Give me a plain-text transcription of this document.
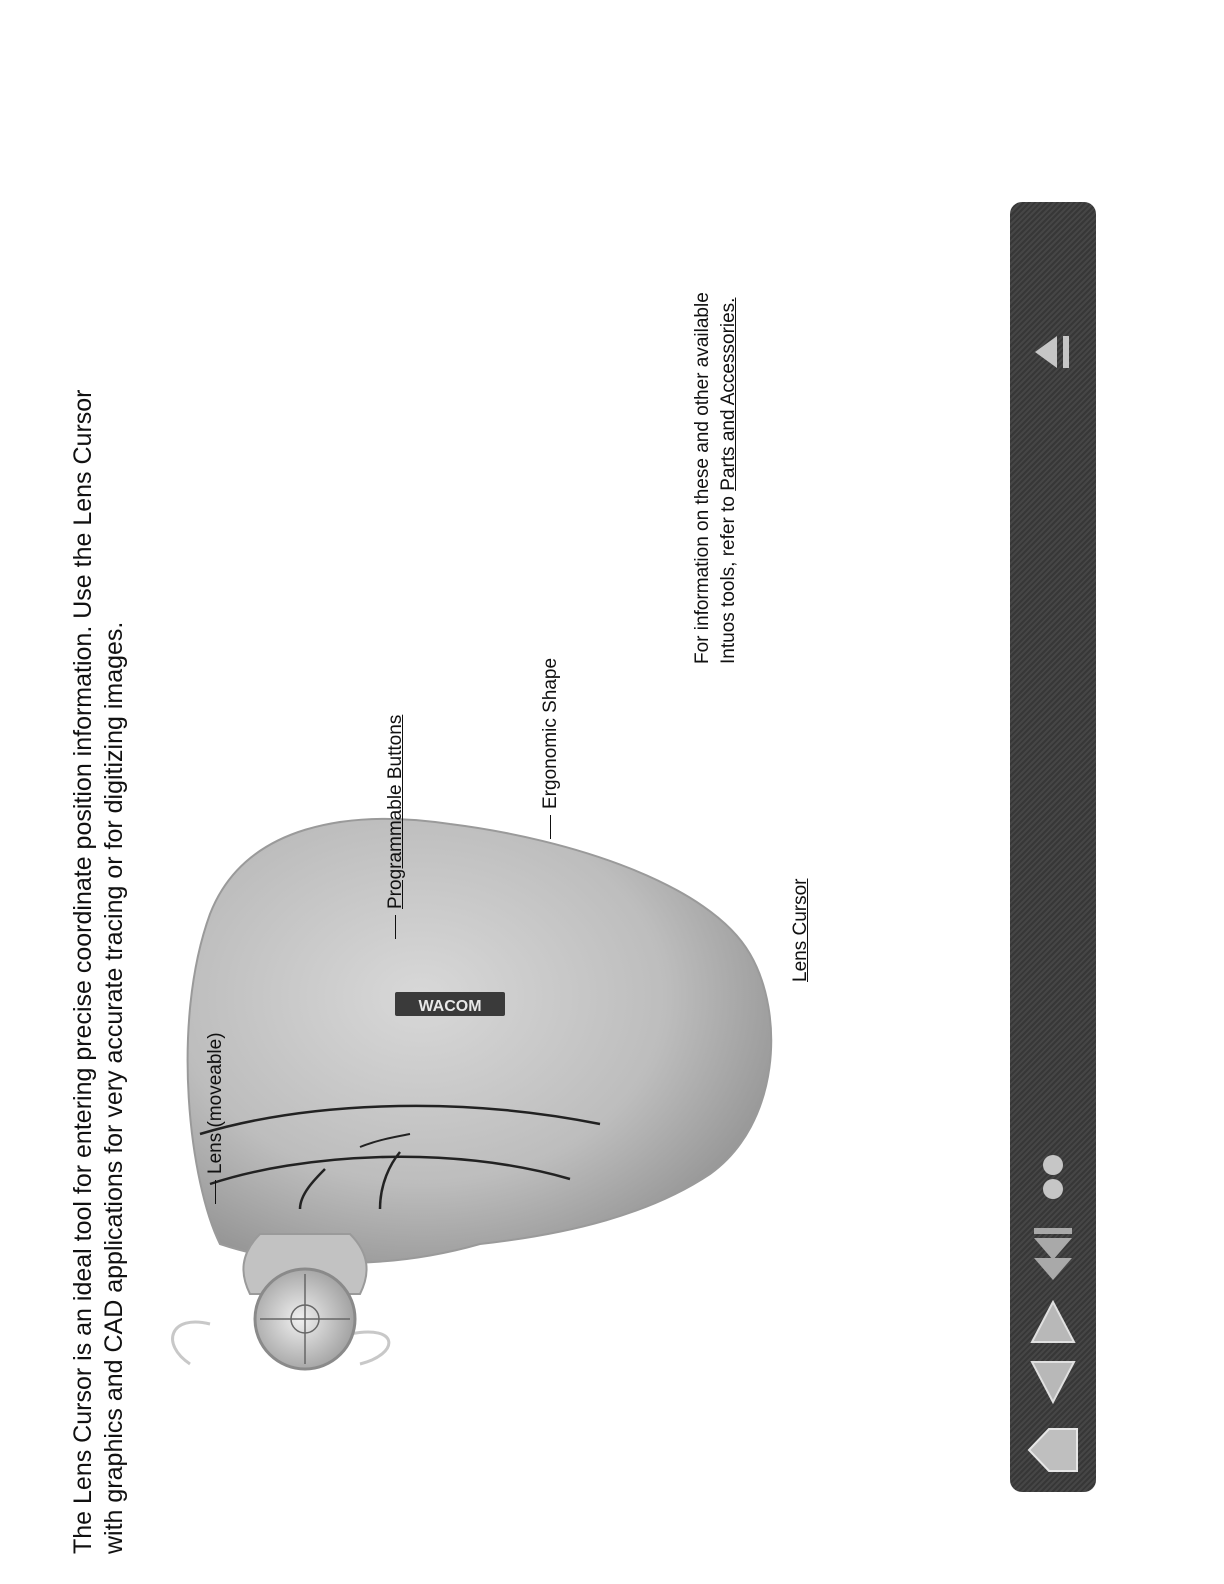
The Lens Cursor is an ideal tool for entering precise coordinate position information. Use the Lens Cursor with graphics and CAD applications for very accurate tracing or for digitizing images.	WACOM
Lens (moveable)
Programmable Buttons	Ergonomic Shape
Lens Cursor
For information on these and other available Intuos tools, refer to Parts and Accessories.
